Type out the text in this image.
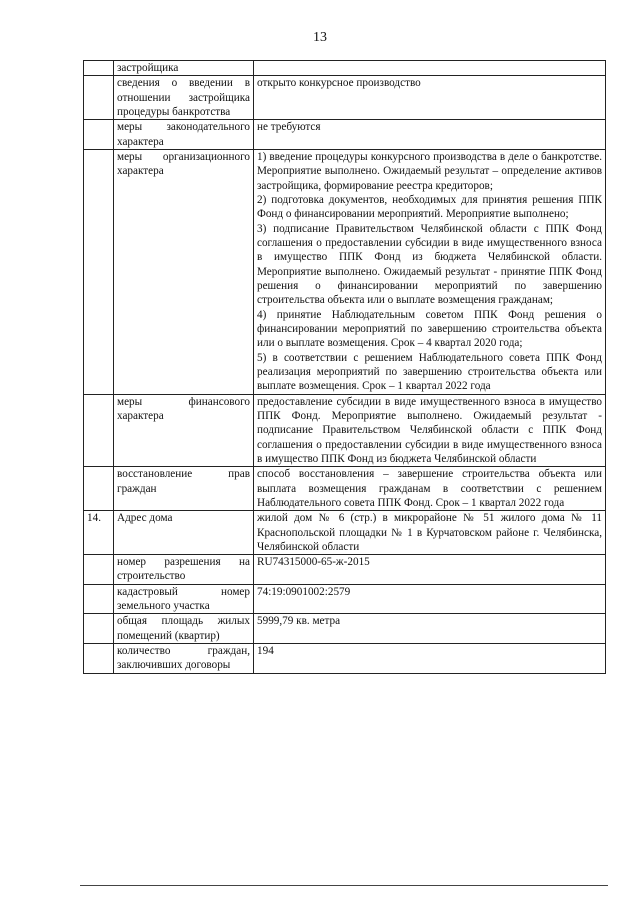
13
	застройщика	

	сведения о введении в отношении застройщика процедуры банкротства	открыто конкурсное производство

	меры законодательного характера	не требуются

	меры организационного характера	1) введение процедуры конкурсного производства в деле о банкротстве. Мероприятие выполнено. Ожидаемый результат – определение активов застройщика, формирование реестра кредиторов;
2) подготовка документов, необходимых для принятия решения ППК Фонд о финансировании мероприятий. Мероприятие выполнено;
3) подписание Правительством Челябинской области с ППК Фонд соглашения о предоставлении субсидии в виде имущественного взноса в имущество ППК Фонд из бюджета Челябинской области. Мероприятие выполнено. Ожидаемый результат - принятие ППК Фонд решения о финансировании мероприятий по завершению строительства объекта или о выплате возмещения гражданам;
4) принятие Наблюдательным советом ППК Фонд решения о финансировании мероприятий по завершению строительства объекта или о выплате возмещения. Срок – 4 квартал 2020 года;
5) в соответствии с решением Наблюдательного совета ППК Фонд реализация мероприятий по завершению строительства объекта или выплате возмещения. Срок – 1 квартал 2022 года

	меры финансового характера	предоставление субсидии в виде имущественного взноса в имущество ППК Фонд. Мероприятие выполнено. Ожидаемый результат - подписание Правительством Челябинской области с ППК Фонд соглашения о предоставлении субсидии в виде имущественного взноса в имущество ППК Фонд из бюджета Челябинской области

	восстановление прав граждан	способ восстановления – завершение строительства объекта или выплата возмещения гражданам в соответствии с решением Наблюдательного совета ППК Фонд. Срок – 1 квартал 2022 года

14.	Адрес дома	жилой дом № 6 (стр.) в микрорайоне № 51 жилого дома № 11 Краснопольской площадки № 1 в Курчатовском районе г. Челябинска, Челябинской области

	номер разрешения на строительство	RU74315000-65-ж-2015

	кадастровый номер земельного участка	74:19:0901002:2579

	общая площадь жилых помещений (квартир)	5999,79 кв. метра

	количество граждан, заключивших договоры	194
